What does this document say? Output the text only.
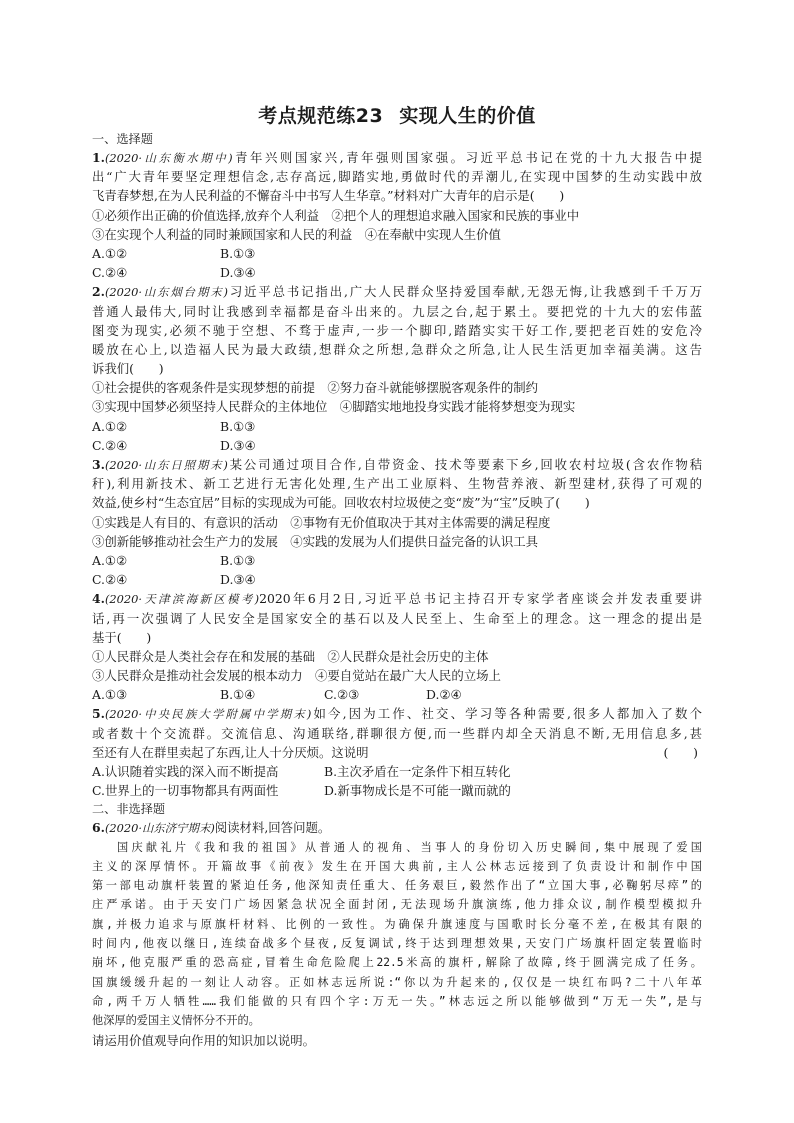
考点规范练23 实现人生的价值
一、选择题
1.(2020·山东衡水期中)青年兴则国家兴,青年强则国家强。习近平总书记在党的十九大报告中提
出“广大青年要坚定理想信念,志存高远,脚踏实地,勇做时代的弄潮儿,在实现中国梦的生动实践中放
飞青春梦想,在为人民利益的不懈奋斗中书写人生华章。”材料对广大青年的启示是(　　)
①必须作出正确的价值选择,放弃个人利益　②把个人的理想追求融入国家和民族的事业中
③在实现个人利益的同时兼顾国家和人民的利益　④在奉献中实现人生价值
A.①②	B.①③
C.②④	D.③④
2.(2020·山东烟台期末)习近平总书记指出,广大人民群众坚持爱国奉献,无怨无悔,让我感到千千万万
普通人最伟大,同时让我感到幸福都是奋斗出来的。九层之台,起于累土。要把党的十九大的宏伟蓝
图变为现实,必须不驰于空想、不骛于虚声,一步一个脚印,踏踏实实干好工作,要把老百姓的安危冷
暖放在心上,以造福人民为最大政绩,想群众之所想,急群众之所急,让人民生活更加幸福美满。这告
诉我们(　　)
①社会提供的客观条件是实现梦想的前提　②努力奋斗就能够摆脱客观条件的制约
③实现中国梦必须坚持人民群众的主体地位　④脚踏实地地投身实践才能将梦想变为现实
A.①②	B.①③
C.②④	D.③④
3.(2020·山东日照期末)某公司通过项目合作,自带资金、技术等要素下乡,回收农村垃圾(含农作物秸
秆),利用新技术、新工艺进行无害化处理,生产出工业原料、生物营养液、新型建材,获得了可观的
效益,使乡村“生态宜居”目标的实现成为可能。回收农村垃圾使之变“废”为“宝”反映了(　　)
①实践是人有目的、有意识的活动　②事物有无价值取决于其对主体需要的满足程度
③创新能够推动社会生产力的发展　④实践的发展为人们提供日益完备的认识工具
A.①②	B.①③
C.②④	D.③④
4.(2020·天津滨海新区模考)2020年6月2日,习近平总书记主持召开专家学者座谈会并发表重要讲
话,再一次强调了人民安全是国家安全的基石以及人民至上、生命至上的理念。这一理念的提出是
基于(　　)
①人民群众是人类社会存在和发展的基础　②人民群众是社会历史的主体
③人民群众是推动社会发展的根本动力　④要自觉站在最广大人民的立场上
A.①③	B.①④	C.②③	D.②④
5.(2020·中央民族大学附属中学期末)如今,因为工作、社交、学习等各种需要,很多人都加入了数个
或者数十个交流群。交流信息、沟通联络,群聊很方便,而一些群内却全天消息不断,无用信息多,甚
至还有人在群里卖起了东西,让人十分厌烦。这说明	(　　)
A.认识随着实践的深入而不断提高	B.主次矛盾在一定条件下相互转化
C.世界上的一切事物都具有两面性	D.新事物成长是不可能一蹴而就的
二、非选择题
6.(2020·山东济宁期末)阅读材料,回答问题。
国庆献礼片《我和我的祖国》从普通人的视角、当事人的身份切入历史瞬间,集中展现了爱国
主义的深厚情怀。开篇故事《前夜》发生在开国大典前,主人公林志远接到了负责设计和制作中国
第一部电动旗杆装置的紧迫任务,他深知责任重大、任务艰巨,毅然作出了“立国大事,必鞠躬尽瘁”的
庄严承诺。由于天安门广场因紧急状况全面封闭,无法现场升旗演练,他力排众议,制作模型模拟升
旗,并极力追求与原旗杆材料、比例的一致性。为确保升旗速度与国歌时长分毫不差,在极其有限的
时间内,他夜以继日,连续奋战多个昼夜,反复调试,终于达到理想效果,天安门广场旗杆固定装置临时
崩坏,他克服严重的恐高症,冒着生命危险爬上22.5米高的旗杆,解除了故障,终于圆满完成了任务。
国旗缓缓升起的一刻让人动容。正如林志远所说:“你以为升起来的,仅仅是一块红布吗?二十八年革
命,两千万人牺牲……我们能做的只有四个字:万无一失。”林志远之所以能够做到“万无一失”,是与
他深厚的爱国主义情怀分不开的。
请运用价值观导向作用的知识加以说明。
